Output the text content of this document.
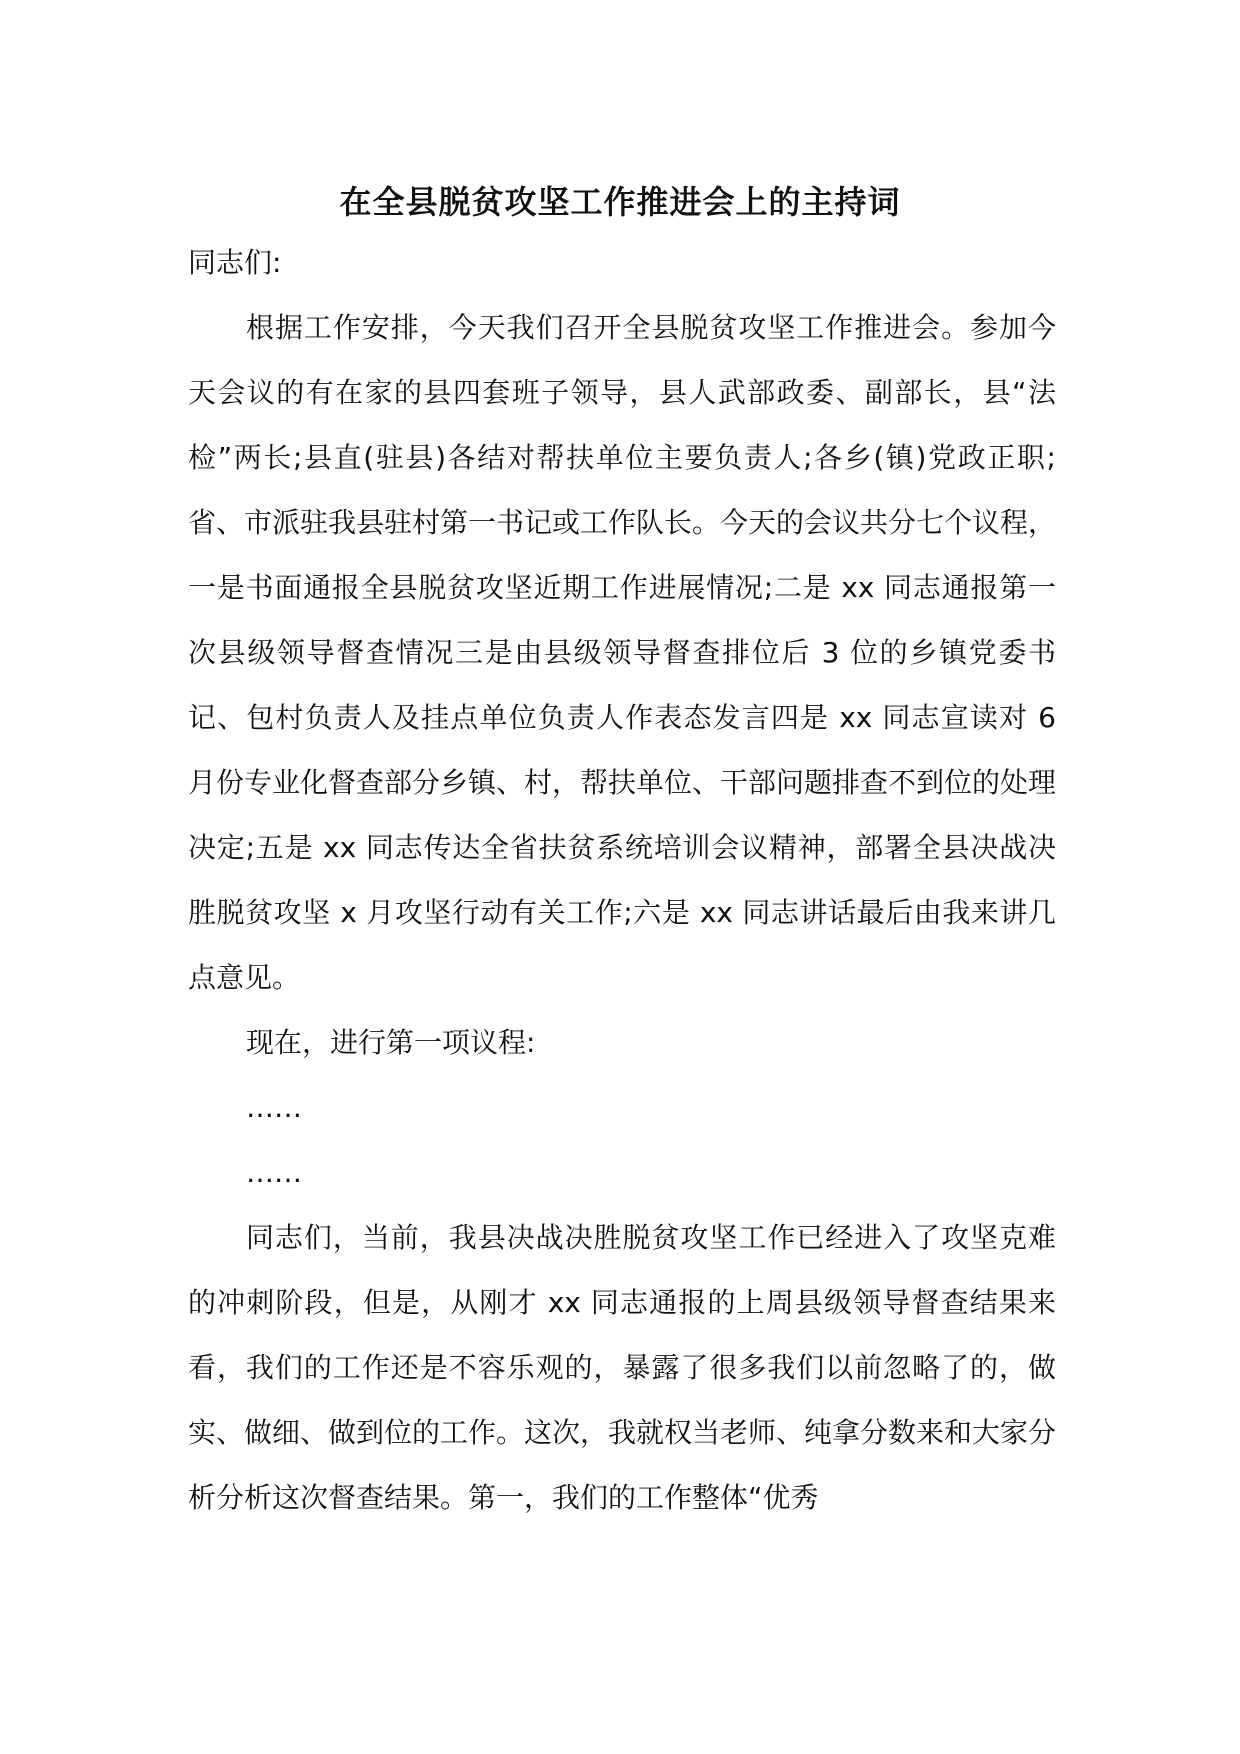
在全县脱贫攻坚工作推进会上的主持词

同志们:

根据工作安排，今天我们召开全县脱贫攻坚工作推进会。参加今天会议的有在家的县四套班子领导，县人武部政委、副部长，县“法检”两长;县直(驻县)各结对帮扶单位主要负责人;各乡(镇)党政正职;省、市派驻我县驻村第一书记或工作队长。今天的会议共分七个议程，一是书面通报全县脱贫攻坚近期工作进展情况;二是 xx 同志通报第一次县级领导督查情况三是由县级领导督查排位后 3 位的乡镇党委书记、包村负责人及挂点单位负责人作表态发言四是 xx 同志宣读对 6 月份专业化督查部分乡镇、村，帮扶单位、干部问题排查不到位的处理决定;五是 xx 同志传达全省扶贫系统培训会议精神，部署全县决战决胜脱贫攻坚 x 月攻坚行动有关工作;六是 xx 同志讲话最后由我来讲几点意见。

现在，进行第一项议程:

……

……

同志们，当前，我县决战决胜脱贫攻坚工作已经进入了攻坚克难的冲刺阶段，但是，从刚才 xx 同志通报的上周县级领导督查结果来看，我们的工作还是不容乐观的，暴露了很多我们以前忽略了的，做实、做细、做到位的工作。这次，我就权当老师、纯拿分数来和大家分析分析这次督查结果。第一，我们的工作整体“优秀
